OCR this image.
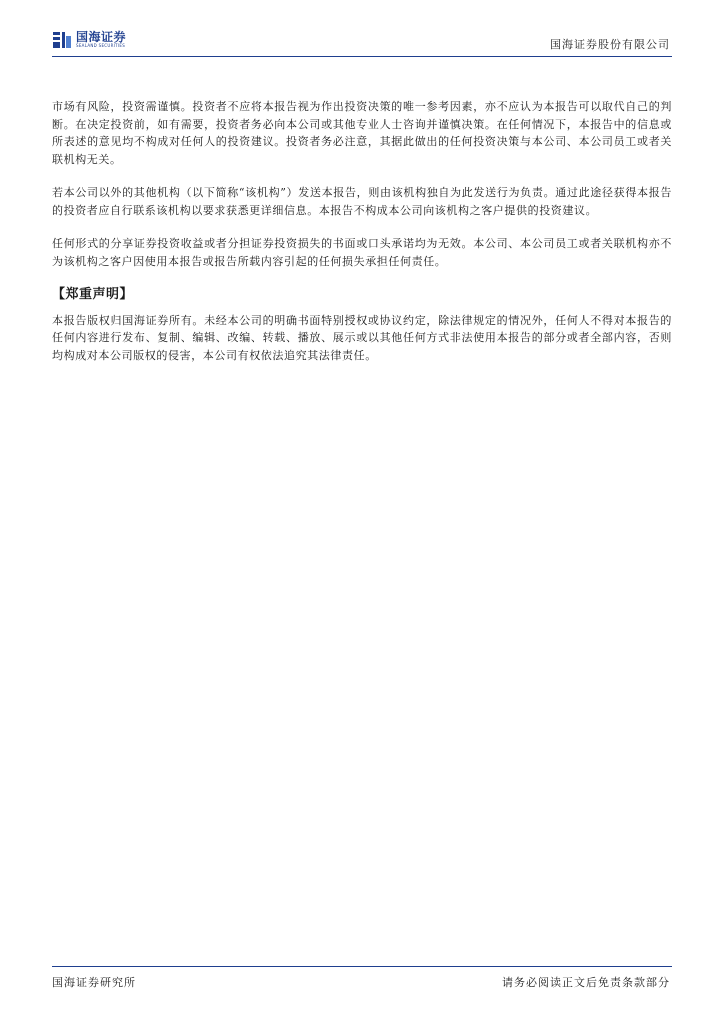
国海证券
SEALAND SECURITIES	国海证券股份有限公司

市场有风险，投资需谨慎。投资者不应将本报告视为作出投资决策的唯一参考因素，亦不应认为本报告可以取代自己的判断。在决定投资前，如有需要，投资者务必向本公司或其他专业人士咨询并谨慎决策。在任何情况下，本报告中的信息或所表述的意见均不构成对任何人的投资建议。投资者务必注意，其据此做出的任何投资决策与本公司、本公司员工或者关联机构无关。

若本公司以外的其他机构（以下简称“该机构”）发送本报告，则由该机构独自为此发送行为负责。通过此途径获得本报告的投资者应自行联系该机构以要求获悉更详细信息。本报告不构成本公司向该机构之客户提供的投资建议。

任何形式的分享证券投资收益或者分担证券投资损失的书面或口头承诺均为无效。本公司、本公司员工或者关联机构亦不为该机构之客户因使用本报告或报告所载内容引起的任何损失承担任何责任。

【郑重声明】

本报告版权归国海证券所有。未经本公司的明确书面特别授权或协议约定，除法律规定的情况外，任何人不得对本报告的任何内容进行发布、复制、编辑、改编、转载、播放、展示或以其他任何方式非法使用本报告的部分或者全部内容，否则均构成对本公司版权的侵害，本公司有权依法追究其法律责任。

国海证券研究所	请务必阅读正文后免责条款部分
